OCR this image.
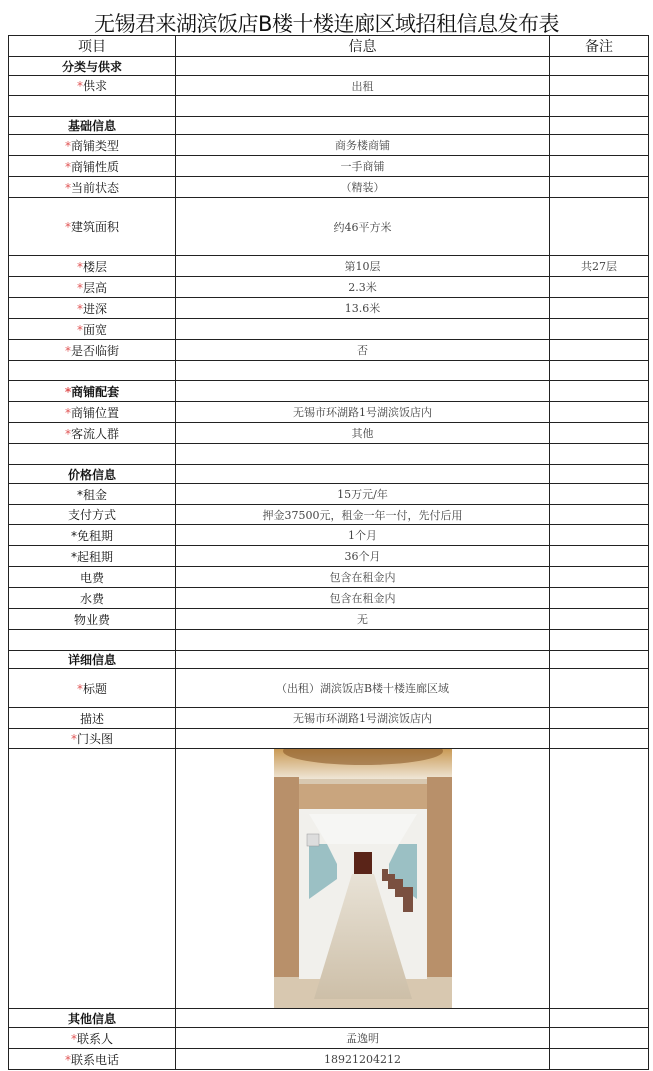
无锡君来湖滨饭店B楼十楼连廊区域招租信息发布表
项目	信息	备注
分类与供求		
*供求	出租	

基础信息		
*商铺类型	商务楼商铺	
*商铺性质	一手商铺	
*当前状态	（精装）	
*建筑面积	约46平方米	
*楼层	第10层	共27层
*层高	2.3米	
*进深	13.6米	
*面宽		
*是否临街	否	

*商铺配套		
*商铺位置	无锡市环湖路1号湖滨饭店内	
*客流人群	其他	

价格信息		
*租金	15万元/年	
支付方式	押金37500元，租金一年一付，先付后用	
*免租期	1个月	
*起租期	36个月	
电费	包含在租金内	
水费	包含在租金内	
物业费	无	

详细信息		
*标题	（出租）湖滨饭店B楼十楼连廊区域	
描述	无锡市环湖路1号湖滨饭店内	
*门头图		

其他信息		
*联系人	孟逸明	
*联系电话	18921204212	
